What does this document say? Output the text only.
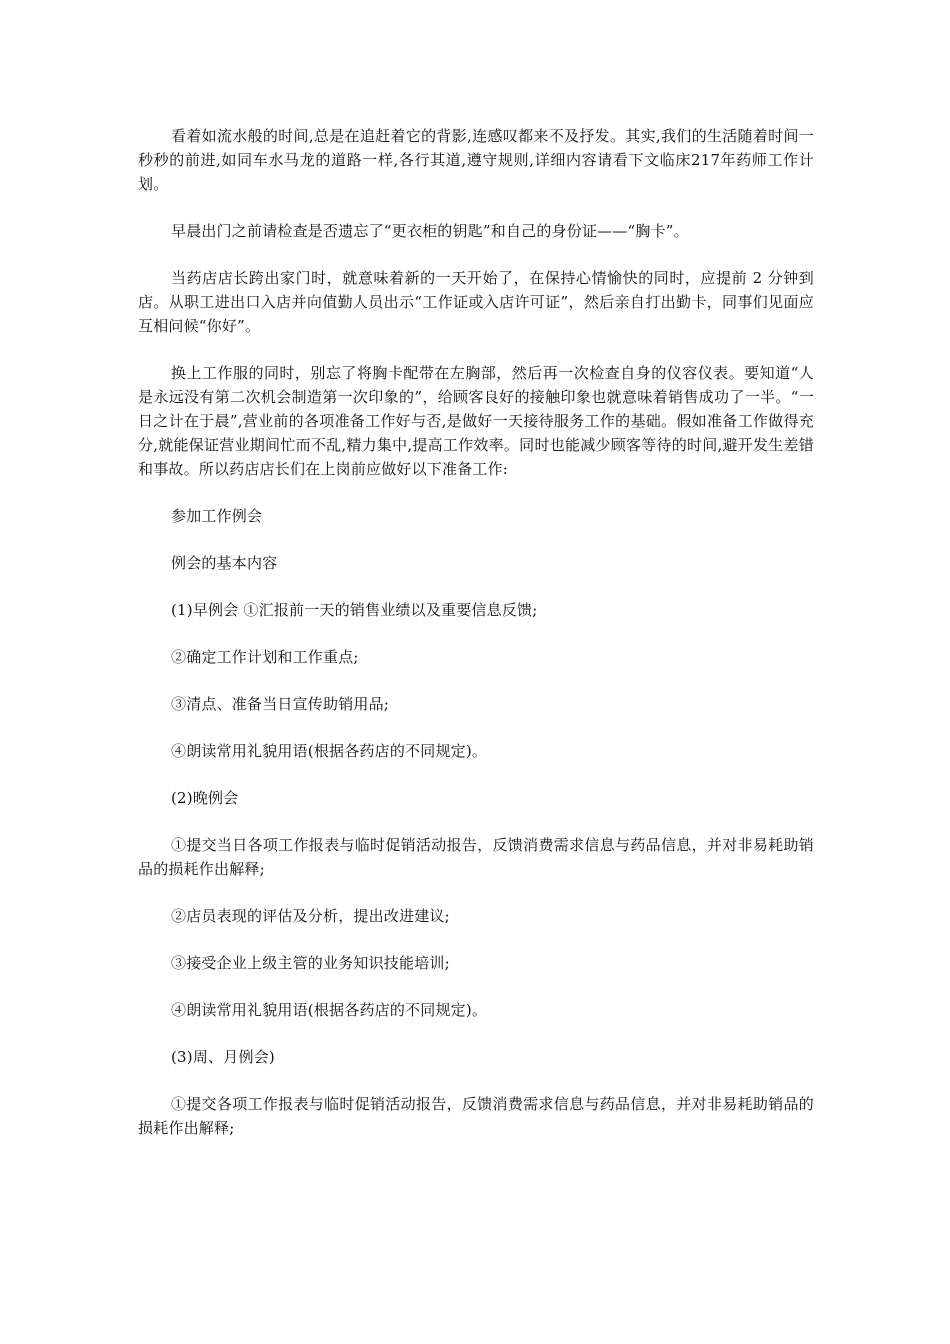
看着如流水般的时间,总是在追赶着它的背影,连感叹都来不及抒发。其实,我们的生活随着时间一秒秒的前进,如同车水马龙的道路一样,各行其道,遵守规则,详细内容请看下文临床217年药师工作计划。

早晨出门之前请检查是否遗忘了“更衣柜的钥匙”和自己的身份证——“胸卡”。

当药店店长跨出家门时，就意味着新的一天开始了，在保持心情愉快的同时，应提前 2 分钟到店。从职工进出口入店并向值勤人员出示“工作证或入店许可证”，然后亲自打出勤卡，同事们见面应互相问候“你好”。

换上工作服的同时，别忘了将胸卡配带在左胸部，然后再一次检查自身的仪容仪表。要知道“人是永远没有第二次机会制造第一次印象的”，给顾客良好的接触印象也就意味着销售成功了一半。“一日之计在于晨”,营业前的各项准备工作好与否,是做好一天接待服务工作的基础。假如准备工作做得充分,就能保证营业期间忙而不乱,精力集中,提高工作效率。同时也能减少顾客等待的时间,避开发生差错和事故。所以药店店长们在上岗前应做好以下准备工作:

参加工作例会

例会的基本内容

(1)早例会 ①汇报前一天的销售业绩以及重要信息反馈;

②确定工作计划和工作重点;

③清点、准备当日宣传助销用品;

④朗读常用礼貌用语(根据各药店的不同规定)。

(2)晚例会

①提交当日各项工作报表与临时促销活动报告，反馈消费需求信息与药品信息，并对非易耗助销品的损耗作出解释;

②店员表现的评估及分析，提出改进建议;

③接受企业上级主管的业务知识技能培训;

④朗读常用礼貌用语(根据各药店的不同规定)。

(3)周、月例会)

①提交各项工作报表与临时促销活动报告，反馈消费需求信息与药品信息，并对非易耗助销品的损耗作出解释;
